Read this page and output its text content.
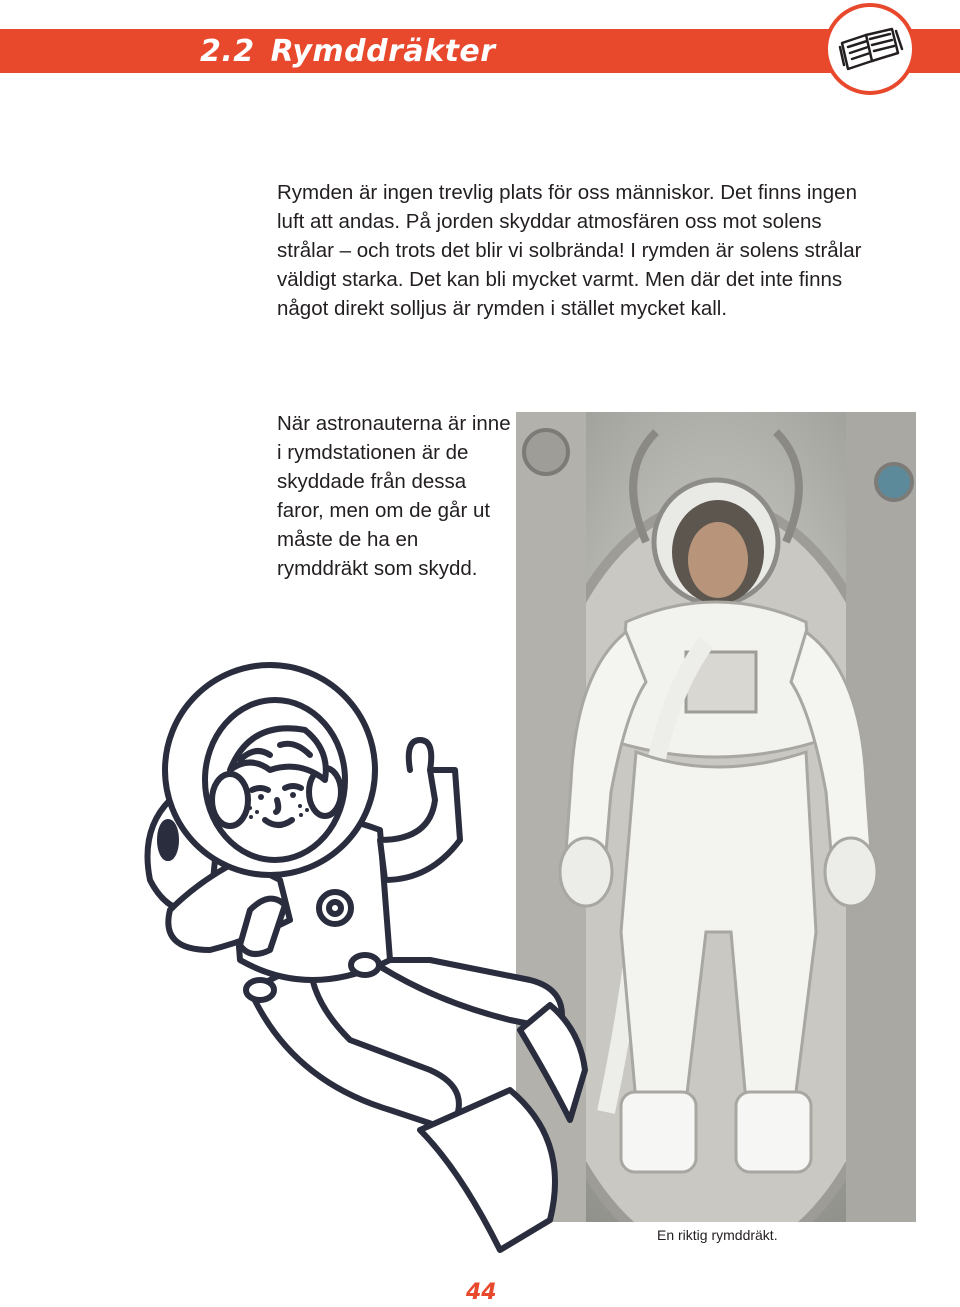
2.2 Rymddräkter

Rymden är ingen trevlig plats för oss människor. Det finns ingen luft att andas. På jorden skyddar atmosfären oss mot solens strålar – och trots det blir vi solbrända! I rymden är solens strålar väldigt starka. Det kan bli mycket varmt. Men där det inte finns något direkt solljus är rymden i stället mycket kall.

När astronauterna är inne i rymdstationen är de skyddade från dessa faror, men om de går ut måste de ha en rymddräkt som skydd.

En riktig rymddräkt.

44
